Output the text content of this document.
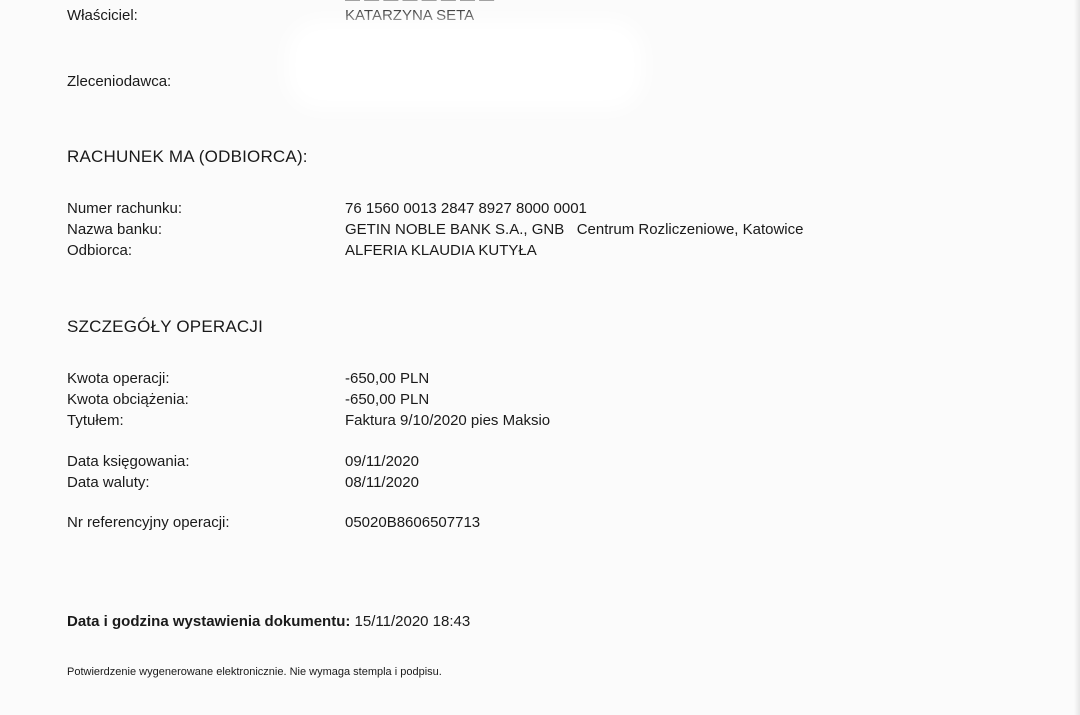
Właściciel:	KATARZYNA SETA
Zleceniodawca:
RACHUNEK MA (ODBIORCA):
Numer rachunku:	76 1560 0013 2847 8927 8000 0001
Nazwa banku:	GETIN NOBLE BANK S.A., GNB   Centrum Rozliczeniowe, Katowice
Odbiorca:	ALFERIA KLAUDIA KUTYŁA
SZCZEGÓŁY OPERACJI
Kwota operacji:	-650,00 PLN
Kwota obciążenia:	-650,00 PLN
Tytułem:	Faktura 9/10/2020 pies Maksio
Data księgowania:	09/11/2020
Data waluty:	08/11/2020
Nr referencyjny operacji:	05020B8606507713
Data i godzina wystawienia dokumentu: 15/11/2020 18:43
Potwierdzenie wygenerowane elektronicznie. Nie wymaga stempla i podpisu.
